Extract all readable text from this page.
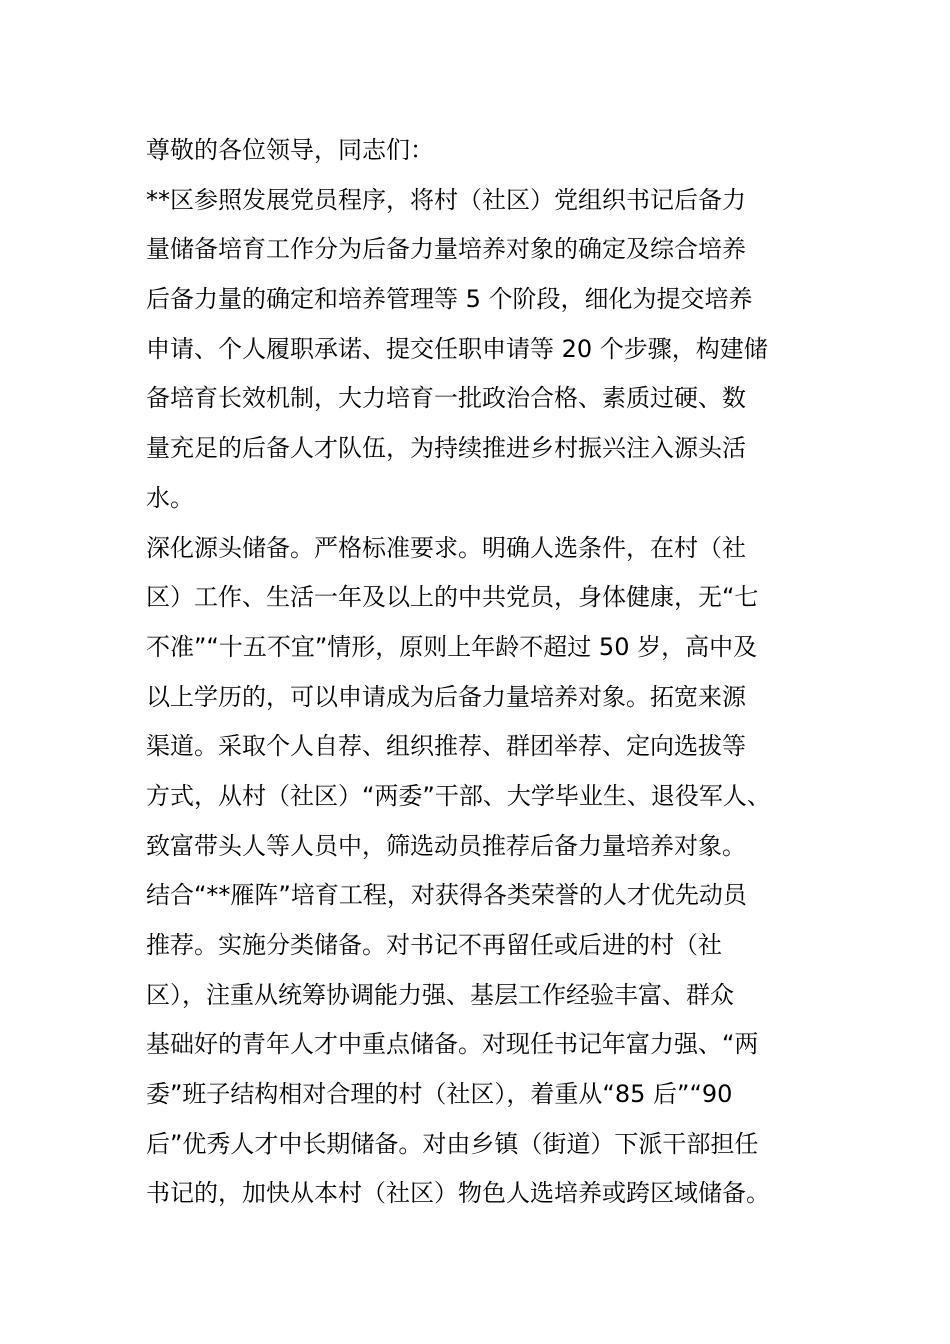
尊敬的各位领导，同志们：
**区参照发展党员程序，将村（社区）党组织书记后备力
量储备培育工作分为后备力量培养对象的确定及综合培养
后备力量的确定和培养管理等 5 个阶段，细化为提交培养
申请、个人履职承诺、提交任职申请等 20 个步骤，构建储
备培育长效机制，大力培育一批政治合格、素质过硬、数
量充足的后备人才队伍，为持续推进乡村振兴注入源头活
水。
深化源头储备。严格标准要求。明确人选条件，在村（社
区）工作、生活一年及以上的中共党员，身体健康，无“七
不准”“十五不宜”情形，原则上年龄不超过 50 岁，高中及
以上学历的，可以申请成为后备力量培养对象。拓宽来源
渠道。采取个人自荐、组织推荐、群团举荐、定向选拔等
方式，从村（社区）“两委”干部、大学毕业生、退役军人、
致富带头人等人员中，筛选动员推荐后备力量培养对象。
结合“**雁阵”培育工程，对获得各类荣誉的人才优先动员
推荐。实施分类储备。对书记不再留任或后进的村（社
区），注重从统筹协调能力强、基层工作经验丰富、群众
基础好的青年人才中重点储备。对现任书记年富力强、“两
委”班子结构相对合理的村（社区），着重从“85 后”“90
后”优秀人才中长期储备。对由乡镇（街道）下派干部担任
书记的，加快从本村（社区）物色人选培养或跨区域储备。
